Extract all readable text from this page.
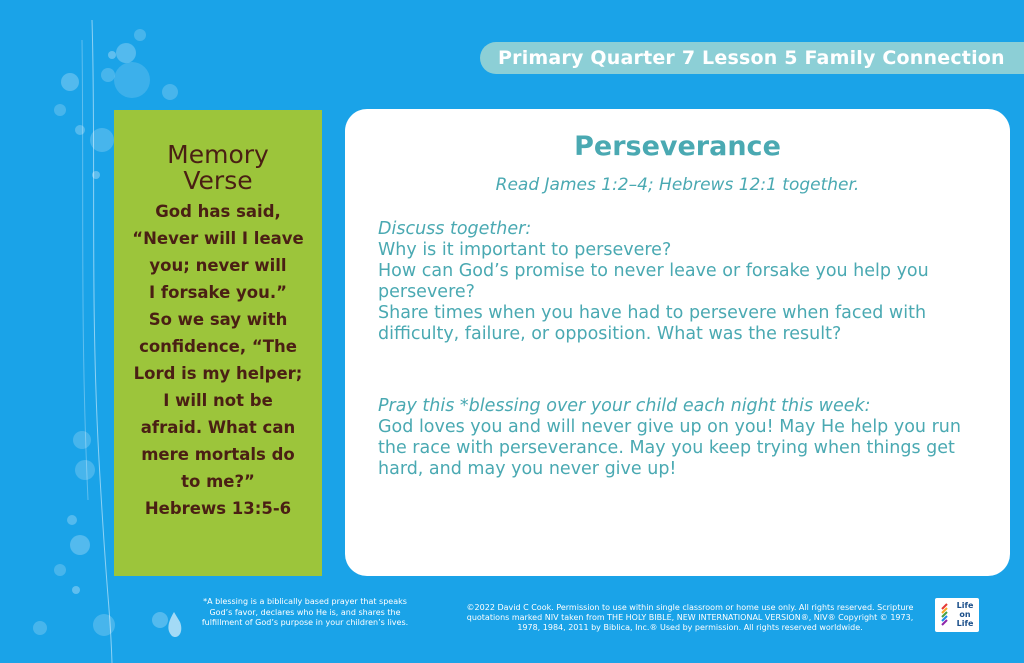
Primary Quarter 7 Lesson 5 Family Connection
Memory
Verse
God has said,
“Never will I leave
you; never will
I forsake you.”
So we say with
confidence, “The
Lord is my helper;
I will not be
afraid. What can
mere mortals do
to me?”
Hebrews 13:5-6
Perseverance
Read James 1:2–4; Hebrews 12:1 together.

Discuss together:

Why is it important to persevere?

How can God’s promise to never leave or forsake you help you persevere?

Share times when you have had to persevere when faced with difficulty, failure, or opposition. What was the result?

Pray this *blessing over your child each night this week:

God loves you and will never give up on you! May He help you run the race with perseverance. May you keep trying when things get hard, and may you never give up!

*A blessing is a biblically based prayer that speaks God’s favor, declares who He is, and shares the fulfillment of God’s purpose in your children’s lives.
©2022 David C Cook. Permission to use within single classroom or home use only. All rights reserved. Scripture quotations marked NIV taken from THE HOLY BIBLE, NEW INTERNATIONAL VERSION®, NIV® Copyright © 1973, 1978, 1984, 2011 by Biblica, Inc.® Used by permission. All rights reserved worldwide.
Life
on
Life
